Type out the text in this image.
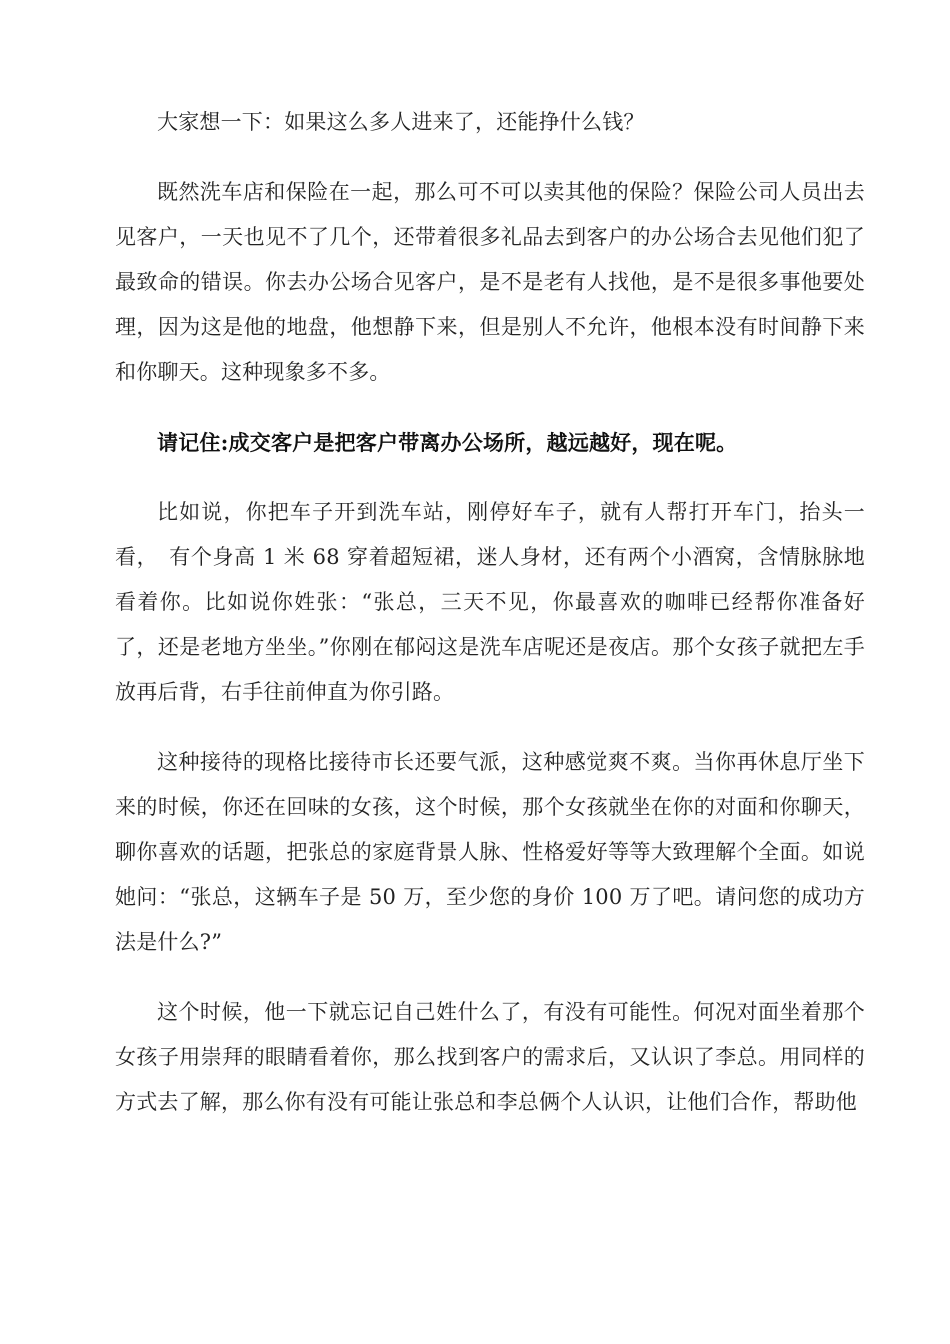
大家想一下：如果这么多人进来了，还能挣什么钱？

既然洗车店和保险在一起，那么可不可以卖其他的保险？保险公司人员出去见客户，一天也见不了几个，还带着很多礼品去到客户的办公场合去见他们犯了最致命的错误。你去办公场合见客户，是不是老有人找他，是不是很多事他要处理，因为这是他的地盘，他想静下来，但是别人不允许，他根本没有时间静下来和你聊天。这种现象多不多。

请记住:成交客户是把客户带离办公场所，越远越好，现在呢。

比如说，你把车子开到洗车站，刚停好车子，就有人帮打开车门，抬头一看，　有个身高 1 米 68 穿着超短裙，迷人身材，还有两个小酒窝，含情脉脉地看着你。比如说你姓张：“张总，三天不见，你最喜欢的咖啡已经帮你准备好了，还是老地方坐坐。”你刚在郁闷这是洗车店呢还是夜店。那个女孩子就把左手放再后背，右手往前伸直为你引路。

这种接待的现格比接待市长还要气派，这种感觉爽不爽。当你再休息厅坐下来的时候，你还在回味的女孩，这个时候，那个女孩就坐在你的对面和你聊天，聊你喜欢的话题，把张总的家庭背景人脉、性格爱好等等大致理解个全面。如说她问：“张总，这辆车子是 50 万，至少您的身价 100 万了吧。请问您的成功方法是什么?”

这个时候，他一下就忘记自己姓什么了，有没有可能性。何况对面坐着那个女孩子用崇拜的眼睛看着你，那么找到客户的需求后，又认识了李总。用同样的方式去了解，那么你有没有可能让张总和李总俩个人认识，让他们合作，帮助他
